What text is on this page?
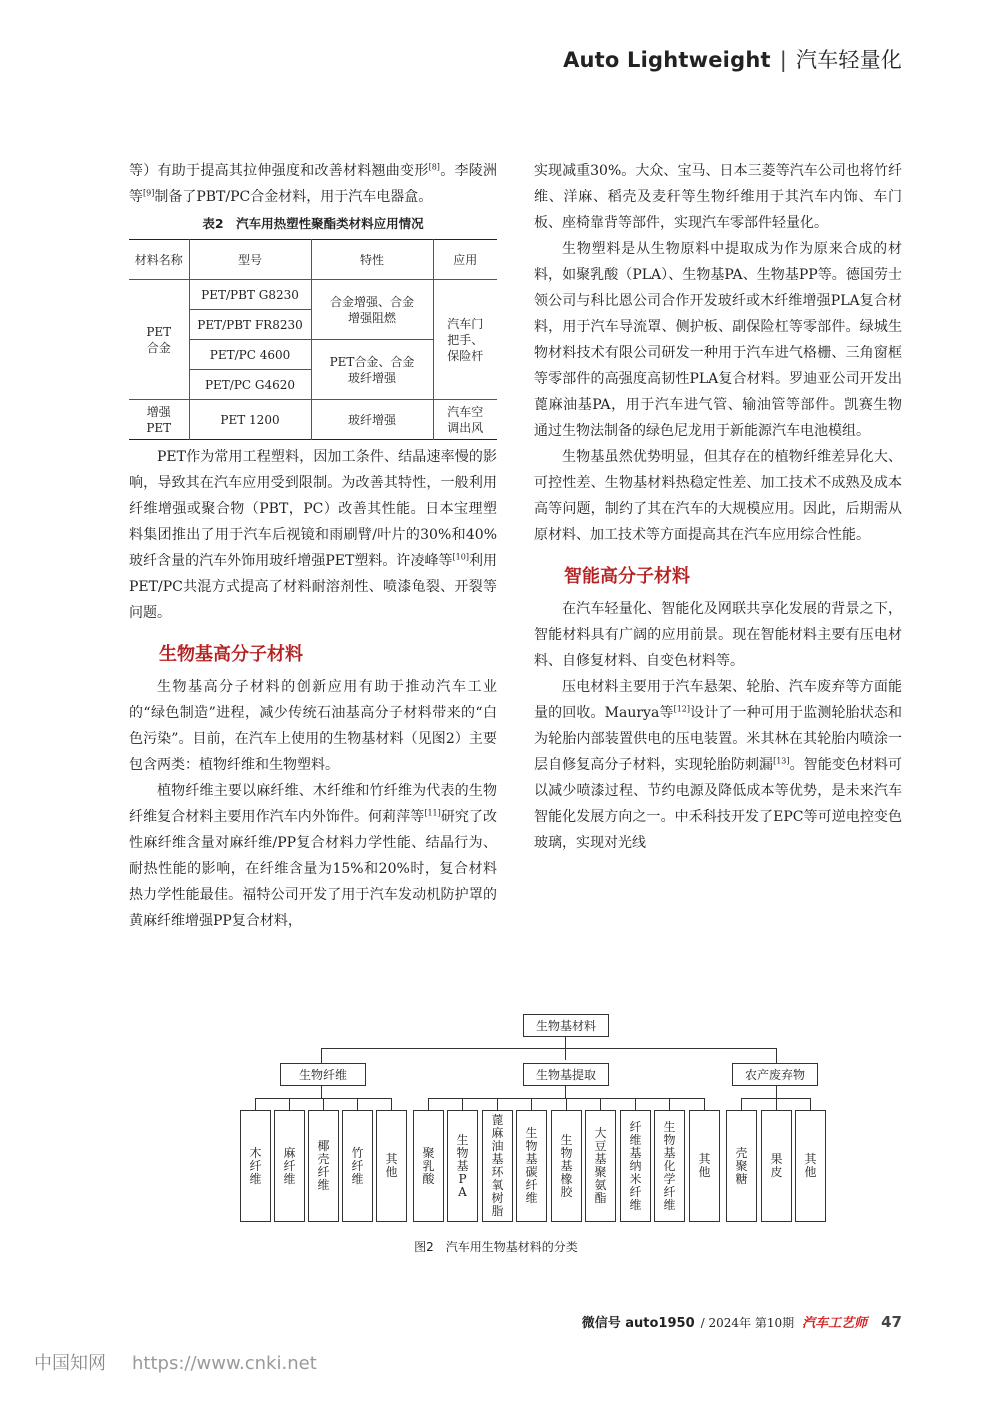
Auto Lightweight | 汽车轻量化

等）有助于提高其拉伸强度和改善材料翘曲变形[8]。李陵洲等[9]制备了PBT/PC合金材料，用于汽车电器盒。

表2　汽车用热塑性聚酯类材料应用情况
材料名称	型号	特性	应用

PET合金	PET/PBT G8230	合金增强、合金增强阻燃	汽车门把手、保险杆

	PET/PBT FR8230		
	PET/PC 4600	PET合金、合金玻纤增强	

	PET/PC G4620		

增强PET	PET 1200	玻纤增强	汽车空调出风

PET作为常用工程塑料，因加工条件、结晶速率慢的影响，导致其在汽车应用受到限制。为改善其特性，一般利用纤维增强或聚合物（PBT，PC）改善其性能。日本宝理塑料集团推出了用于汽车后视镜和雨刷臂/叶片的30%和40%玻纤含量的汽车外饰用玻纤增强PET塑料。许凌峰等[10]利用PET/PC共混方式提高了材料耐溶剂性、喷漆龟裂、开裂等问题。

生物基高分子材料

生物基高分子材料的创新应用有助于推动汽车工业的“绿色制造”进程，减少传统石油基高分子材料带来的“白色污染”。目前，在汽车上使用的生物基材料（见图2）主要包含两类：植物纤维和生物塑料。

植物纤维主要以麻纤维、木纤维和竹纤维为代表的生物纤维复合材料主要用作汽车内外饰件。何莉萍等[11]研究了改性麻纤维含量对麻纤维/PP复合材料力学性能、结晶行为、耐热性能的影响，在纤维含量为15%和20%时，复合材料热力学性能最佳。福特公司开发了用于汽车发动机防护罩的黄麻纤维增强PP复合材料，

实现减重30%。大众、宝马、日本三菱等汽车公司也将竹纤维、洋麻、稻壳及麦秆等生物纤维用于其汽车内饰、车门板、座椅靠背等部件，实现汽车零部件轻量化。

生物塑料是从生物原料中提取成为作为原来合成的材料，如聚乳酸（PLA）、生物基PA、生物基PP等。德国劳士领公司与科比恩公司合作开发玻纤或木纤维增强PLA复合材料，用于汽车导流罩、侧护板、副保险杠等零部件。绿城生物材料技术有限公司研发一种用于汽车进气格栅、三角窗框等零部件的高强度高韧性PLA复合材料。罗迪亚公司开发出蓖麻油基PA，用于汽车进气管、输油管等部件。凯赛生物通过生物法制备的绿色尼龙用于新能源汽车电池模组。

生物基虽然优势明显，但其存在的植物纤维差异化大、可控性差、生物基材料热稳定性差、加工技术不成熟及成本高等问题，制约了其在汽车的大规模应用。因此，后期需从原材料、加工技术等方面提高其在汽车应用综合性能。

智能高分子材料

在汽车轻量化、智能化及网联共享化发展的背景之下，智能材料具有广阔的应用前景。现在智能材料主要有压电材料、自修复材料、自变色材料等。

压电材料主要用于汽车悬架、轮胎、汽车废弃等方面能量的回收。Maurya等[12]设计了一种可用于监测轮胎状态和为轮胎内部装置供电的压电装置。米其林在其轮胎内喷涂一层自修复高分子材料，实现轮胎防刺漏[13]。智能变色材料可以减少喷漆过程、节约电源及降低成本等优势，是未来汽车智能化发展方向之一。中禾科技开发了EPC等可逆电控变色玻璃，实现对光线

生物基材料
生物纤维	生物基提取	农产废弃物
木纤维
麻纤维
椰壳纤维
竹纤维
其他
聚乳酸
生物基PA
蓖麻油基环氧树脂
生物基碳纤维
生物基橡胶
大豆基聚氨酯
纤维基纳米纤维
生物基化学纤维
其他
壳聚糖
果皮
其他
图2　汽车用生物基材料的分类
微信号 auto1950 / 2024年 第10期 汽车工艺师 47
中国知网 https://www.cnki.net
